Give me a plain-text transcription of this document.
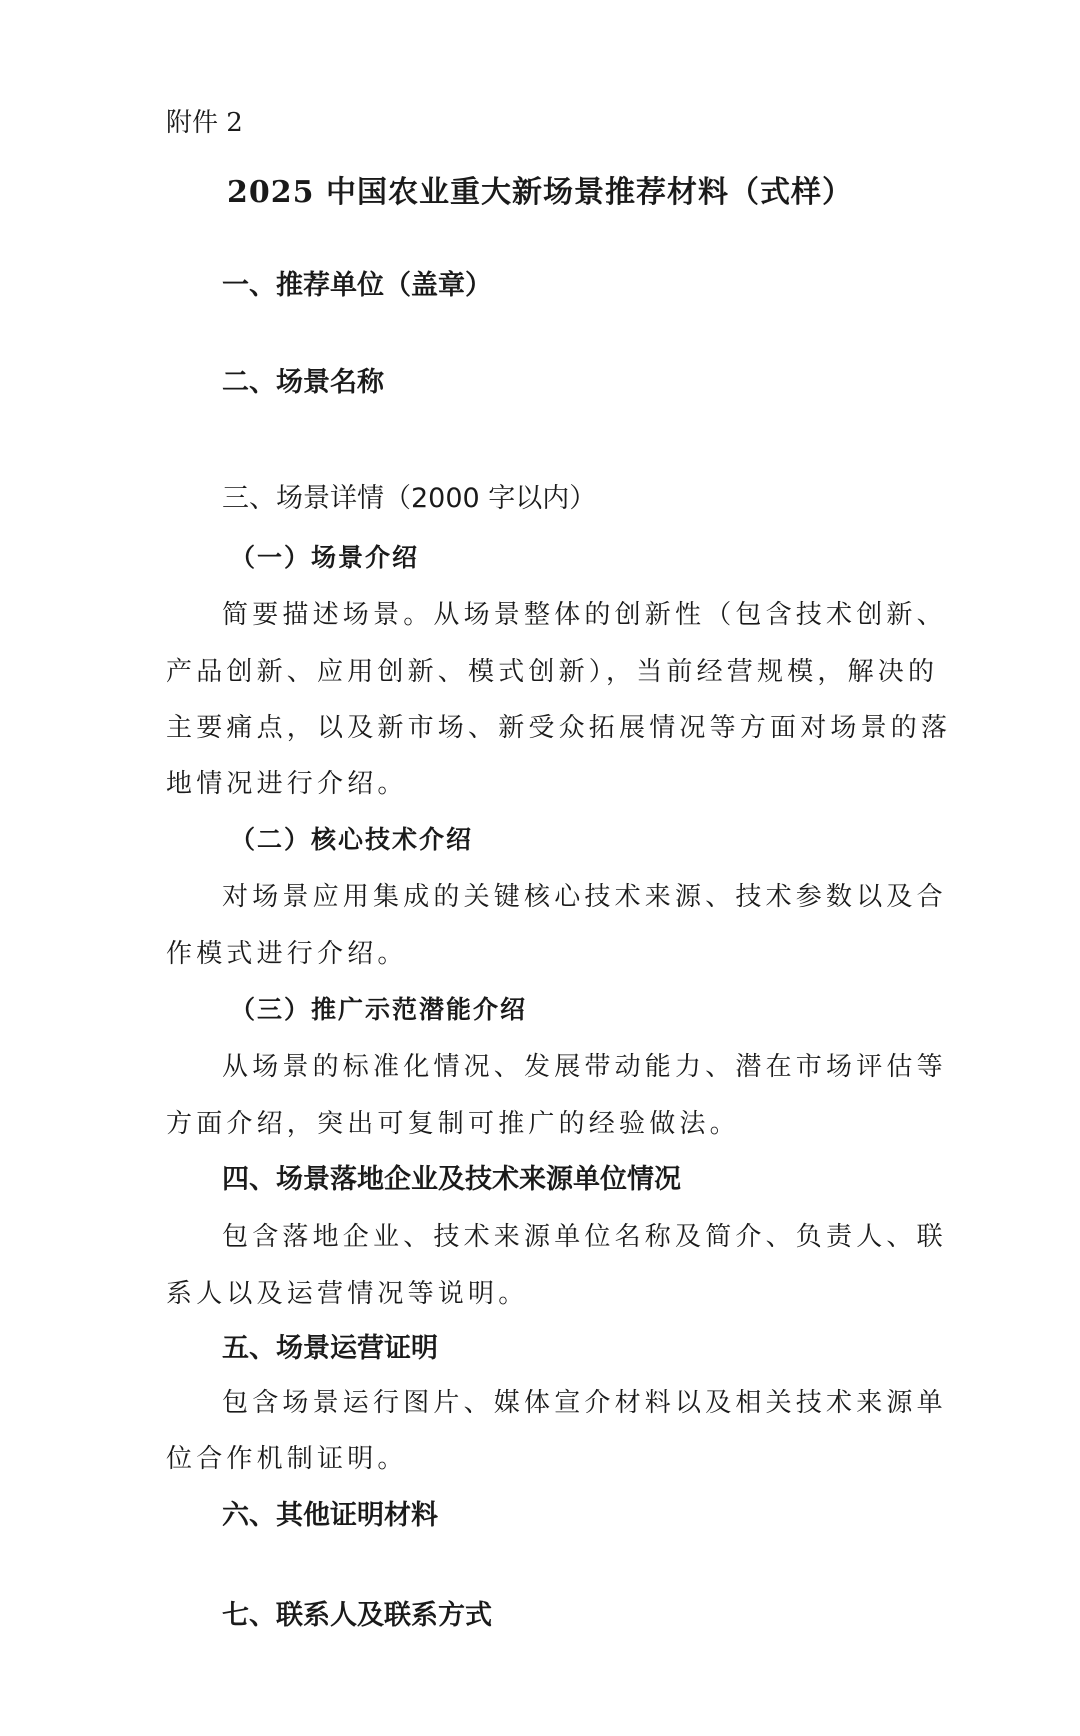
附件 2
2025 中国农业重大新场景推荐材料（式样）
一、推荐单位（盖章）
二、场景名称
三、场景详情（2000 字以内）
（一）场景介绍
简要描述场景。从场景整体的创新性（包含技术创新、
产品创新、应用创新、模式创新），当前经营规模，解决的
主要痛点，以及新市场、新受众拓展情况等方面对场景的落
地情况进行介绍。
（二）核心技术介绍
对场景应用集成的关键核心技术来源、技术参数以及合
作模式进行介绍。
（三）推广示范潜能介绍
从场景的标准化情况、发展带动能力、潜在市场评估等
方面介绍，突出可复制可推广的经验做法。
四、场景落地企业及技术来源单位情况
包含落地企业、技术来源单位名称及简介、负责人、联
系人以及运营情况等说明。
五、场景运营证明
包含场景运行图片、媒体宣介材料以及相关技术来源单
位合作机制证明。
六、其他证明材料
七、联系人及联系方式
